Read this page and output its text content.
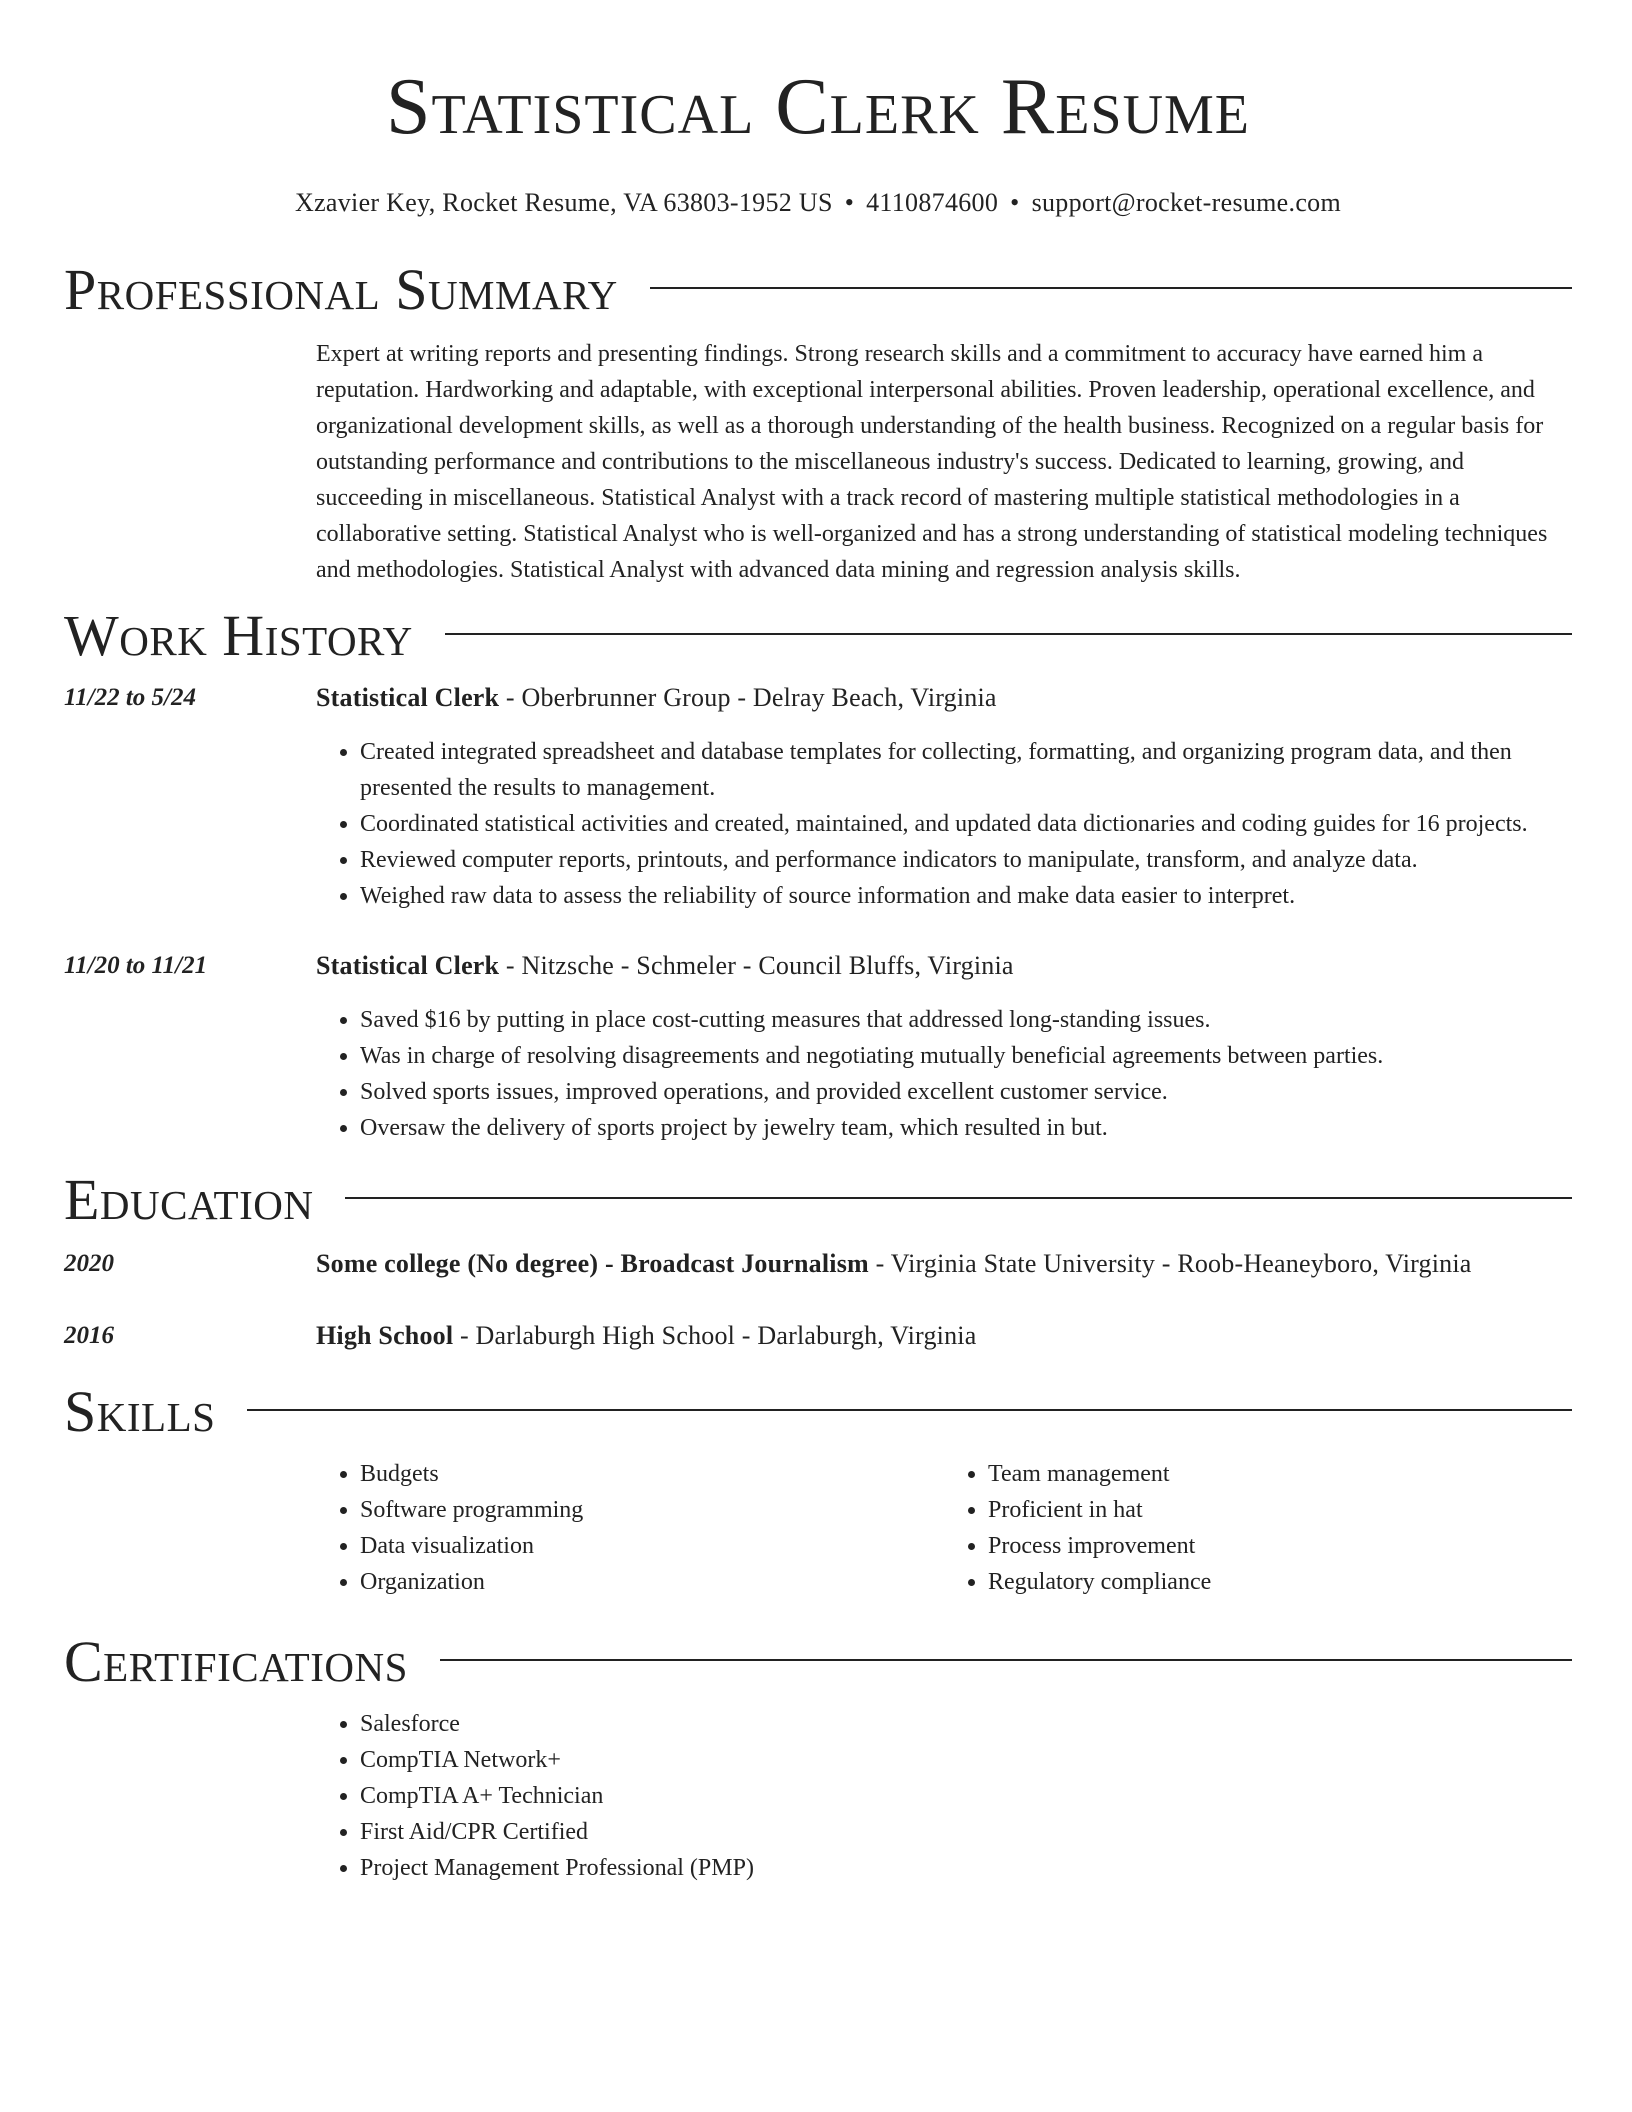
Statistical Clerk Resume
Xzavier Key, Rocket Resume, VA 63803-1952 US • 4110874600 • support@rocket-resume.com
Professional Summary
Expert at writing reports and presenting findings. Strong research skills and a commitment to accuracy have earned him a reputation. Hardworking and adaptable, with exceptional interpersonal abilities. Proven leadership, operational excellence, and organizational development skills, as well as a thorough understanding of the health business. Recognized on a regular basis for outstanding performance and contributions to the miscellaneous industry's success. Dedicated to learning, growing, and succeeding in miscellaneous. Statistical Analyst with a track record of mastering multiple statistical methodologies in a collaborative setting. Statistical Analyst who is well-organized and has a strong understanding of statistical modeling techniques and methodologies. Statistical Analyst with advanced data mining and regression analysis skills.
Work History
11/22 to 5/24	Statistical Clerk - Oberbrunner Group - Delray Beach, Virginia
• Created integrated spreadsheet and database templates for collecting, formatting, and organizing program data, and then presented the results to management.
• Coordinated statistical activities and created, maintained, and updated data dictionaries and coding guides for 16 projects.
• Reviewed computer reports, printouts, and performance indicators to manipulate, transform, and analyze data.
• Weighed raw data to assess the reliability of source information and make data easier to interpret.
11/20 to 11/21	Statistical Clerk - Nitzsche - Schmeler - Council Bluffs, Virginia
• Saved $16 by putting in place cost-cutting measures that addressed long-standing issues.
• Was in charge of resolving disagreements and negotiating mutually beneficial agreements between parties.
• Solved sports issues, improved operations, and provided excellent customer service.
• Oversaw the delivery of sports project by jewelry team, which resulted in but.
Education
2020	Some college (No degree) - Broadcast Journalism - Virginia State University - Roob-Heaneyboro, Virginia
2016	High School - Darlaburgh High School - Darlaburgh, Virginia
Skills
• Budgets
• Software programming
• Data visualization
• Organization
• Team management
• Proficient in hat
• Process improvement
• Regulatory compliance
Certifications
• Salesforce
• CompTIA Network+
• CompTIA A+ Technician
• First Aid/CPR Certified
• Project Management Professional (PMP)
